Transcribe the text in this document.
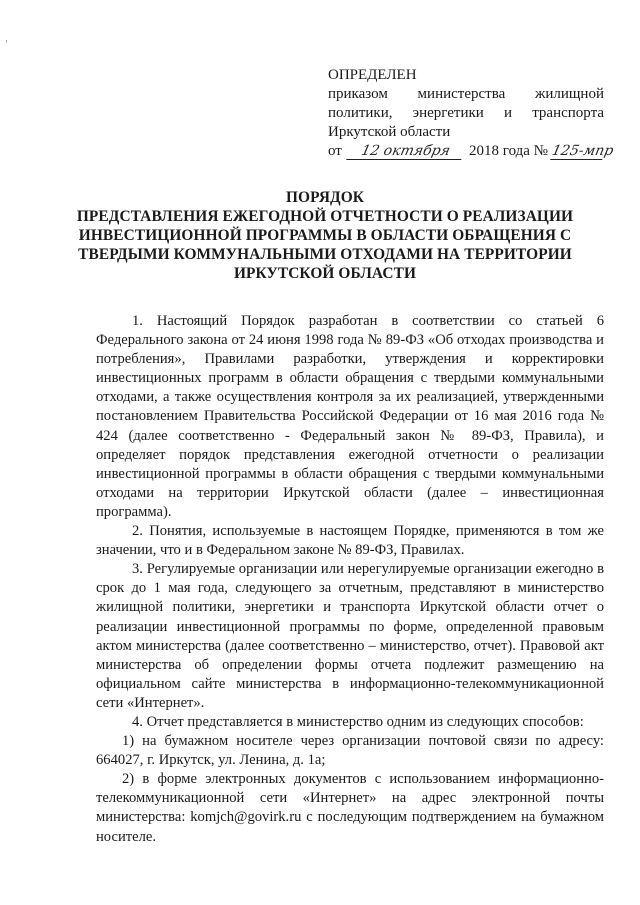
ОПРЕДЕЛЕН
приказом министерства жилищной
политики, энергетики и транспорта
Иркутской области
от	12 октября	2018 года № 125-мпр
ПОРЯДОК
ПРЕДСТАВЛЕНИЯ ЕЖЕГОДНОЙ ОТЧЕТНОСТИ О РЕАЛИЗАЦИИ
ИНВЕСТИЦИОННОЙ ПРОГРАММЫ В ОБЛАСТИ ОБРАЩЕНИЯ С
ТВЕРДЫМИ КОММУНАЛЬНЫМИ ОТХОДАМИ НА ТЕРРИТОРИИ
ИРКУТСКОЙ ОБЛАСТИ

1. Настоящий Порядок разработан в соответствии со статьей 6 Федерального закона от 24 июня 1998 года № 89-ФЗ «Об отходах производства и потребления», Правилами разработки, утверждения и корректировки инвестиционных программ в области обращения с твердыми коммунальными отходами, а также осуществления контроля за их реализацией, утвержденными постановлением Правительства Российской Федерации от 16 мая 2016 года № 424 (далее соответственно - Федеральный закон № 89-ФЗ, Правила), и определяет порядок представления ежегодной отчетности о реализации инвестиционной программы в области обращения с твердыми коммунальными отходами на территории Иркутской области (далее – инвестиционная программа).

2. Понятия, используемые в настоящем Порядке, применяются в том же значении, что и в Федеральном законе № 89-ФЗ, Правилах.

3. Регулируемые организации или нерегулируемые организации ежегодно в срок до 1 мая года, следующего за отчетным, представляют в министерство жилищной политики, энергетики и транспорта Иркутской области отчет о реализации инвестиционной программы по форме, определенной правовым актом министерства (далее соответственно – министерство, отчет). Правовой акт министерства об определении формы отчета подлежит размещению на официальном сайте министерства в информационно-телекоммуникационной сети «Интернет».

4. Отчет представляется в министерство одним из следующих способов:

1) на бумажном носителе через организации почтовой связи по адресу: 664027, г. Иркутск, ул. Ленина, д. 1а;

2) в форме электронных документов с использованием информационно-телекоммуникационной сети «Интернет» на адрес электронной почты министерства: komjch@govirk.ru с последующим подтверждением на бумажном носителе.
